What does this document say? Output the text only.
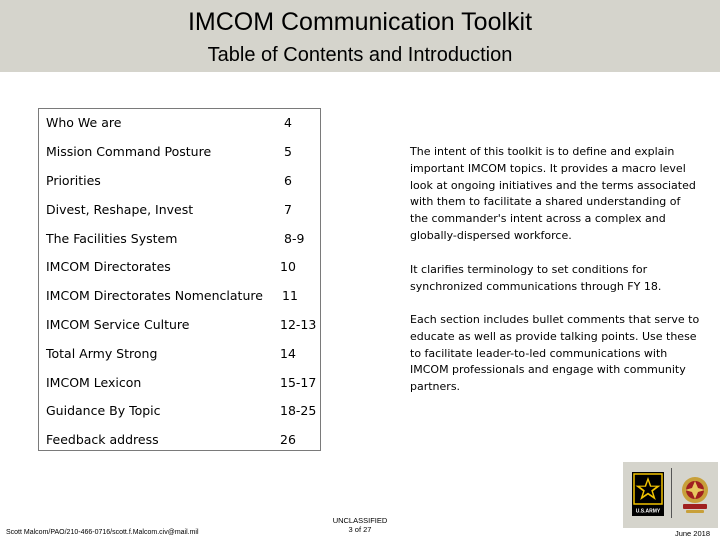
IMCOM Communication Toolkit
Table of Contents and Introduction
Who We are	4
Mission Command Posture	5
Priorities	6
Divest, Reshape, Invest	7
The Facilities System	8-9
IMCOM Directorates	10
IMCOM Directorates Nomenclature 11
IMCOM Service Culture	12-13
Total Army Strong	14
IMCOM Lexicon	15-17
Guidance By Topic	18-25
Feedback address	26
The intent of this toolkit is to define and explain important IMCOM topics. It provides a macro level look at ongoing initiatives and the terms associated with them to facilitate a shared understanding of the commander's intent across a complex and globally-dispersed workforce.
It clarifies terminology to set conditions for synchronized communications through FY 18.
Each section includes bullet comments that serve to educate as well as provide talking points. Use these to facilitate leader-to-led communications with IMCOM professionals and engage with community partners.
Scott Malcom/PAO/210-466-0716/scott.f.Malcom.civ@mail.mil
UNCLASSIFIED
3 of 27	June 2018
U.S.ARMY
